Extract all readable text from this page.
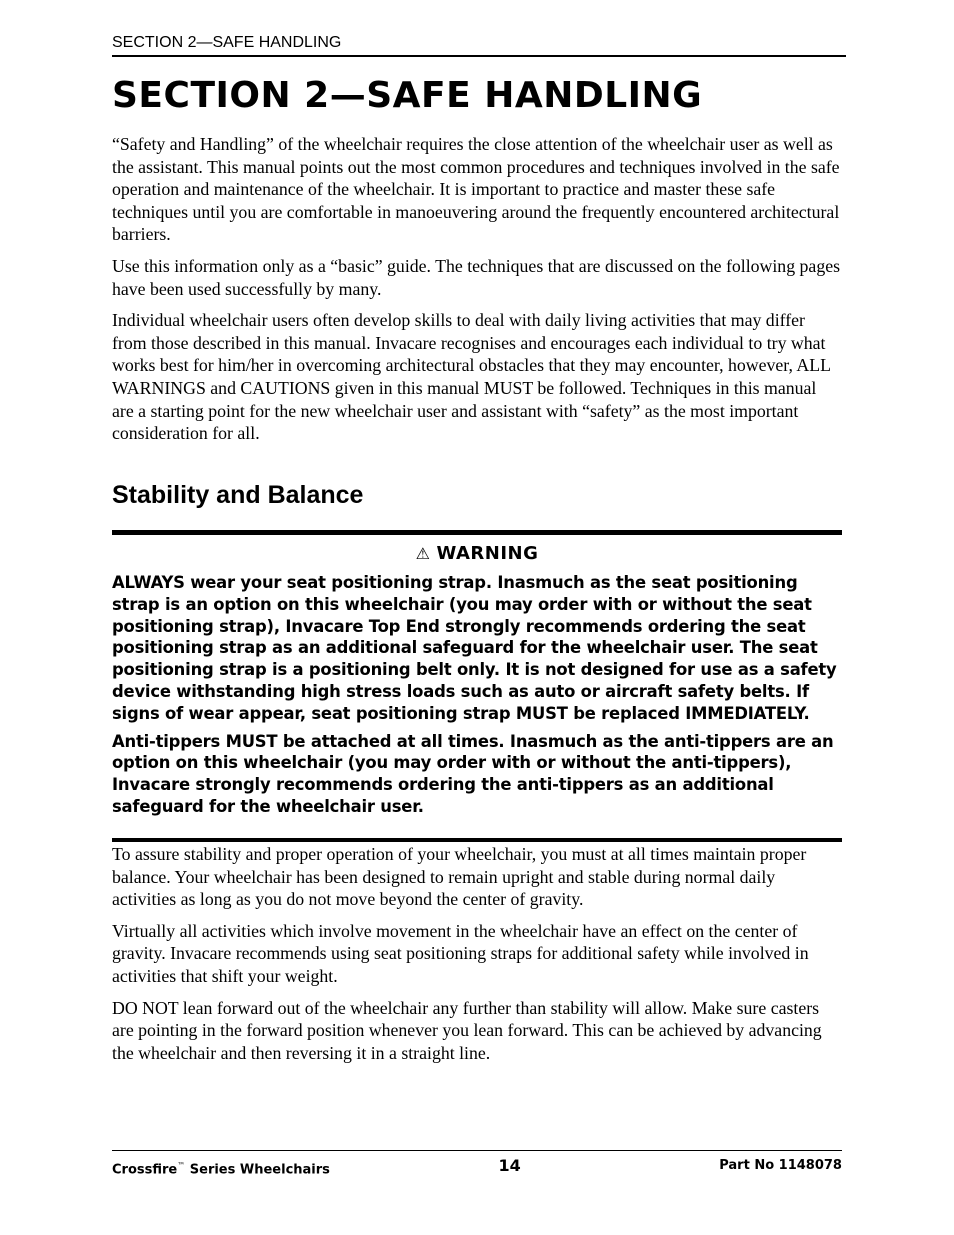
SECTION 2—SAFE HANDLING
SECTION 2—SAFE HANDLING

“Safety and Handling” of the wheelchair requires the close attention of the wheelchair user as well as the assistant. This manual points out the most common procedures and techniques involved in the safe operation and maintenance of the wheelchair. It is important to practice and master these safe techniques until you are comfortable in manoeuvering around the frequently encountered architectural barriers.

Use this information only as a “basic” guide. The techniques that are discussed on the following pages have been used successfully by many.

Individual wheelchair users often develop skills to deal with daily living activities that may differ from those described in this manual. Invacare recognises and encourages each individual to try what works best for him/her in overcoming architectural obstacles that they may encounter, however, ALL WARNINGS and CAUTIONS given in this manual MUST be followed. Techniques in this manual are a starting point for the new wheelchair user and assistant with “safety” as the most important consideration for all.

Stability and Balance
⚠ WARNING

ALWAYS wear your seat positioning strap. Inasmuch as the seat positioning strap is an option on this wheelchair (you may order with or without the seat positioning strap), Invacare Top End strongly recommends ordering the seat positioning strap as an additional safeguard for the wheelchair user. The seat positioning strap is a positioning belt only. It is not designed for use as a safety device withstanding high stress loads such as auto or aircraft safety belts. If signs of wear appear, seat positioning strap MUST be replaced IMMEDIATELY.

Anti-tippers MUST be attached at all times. Inasmuch as the anti-tippers are an option on this wheelchair (you may order with or without the anti-tippers), Invacare strongly recommends ordering the anti-tippers as an additional safeguard for the wheelchair user.

To assure stability and proper operation of your wheelchair, you must at all times maintain proper balance. Your wheelchair has been designed to remain upright and stable during normal daily activities as long as you do not move beyond the center of gravity.

Virtually all activities which involve movement in the wheelchair have an effect on the center of gravity. Invacare recommends using seat positioning straps for additional safety while involved in activities that shift your weight.

DO NOT lean forward out of the wheelchair any further than stability will allow. Make sure casters are pointing in the forward position whenever you lean forward. This can be achieved by advancing the wheelchair and then reversing it in a straight line.

Crossfire™ Series Wheelchairs	14	Part No 1148078
